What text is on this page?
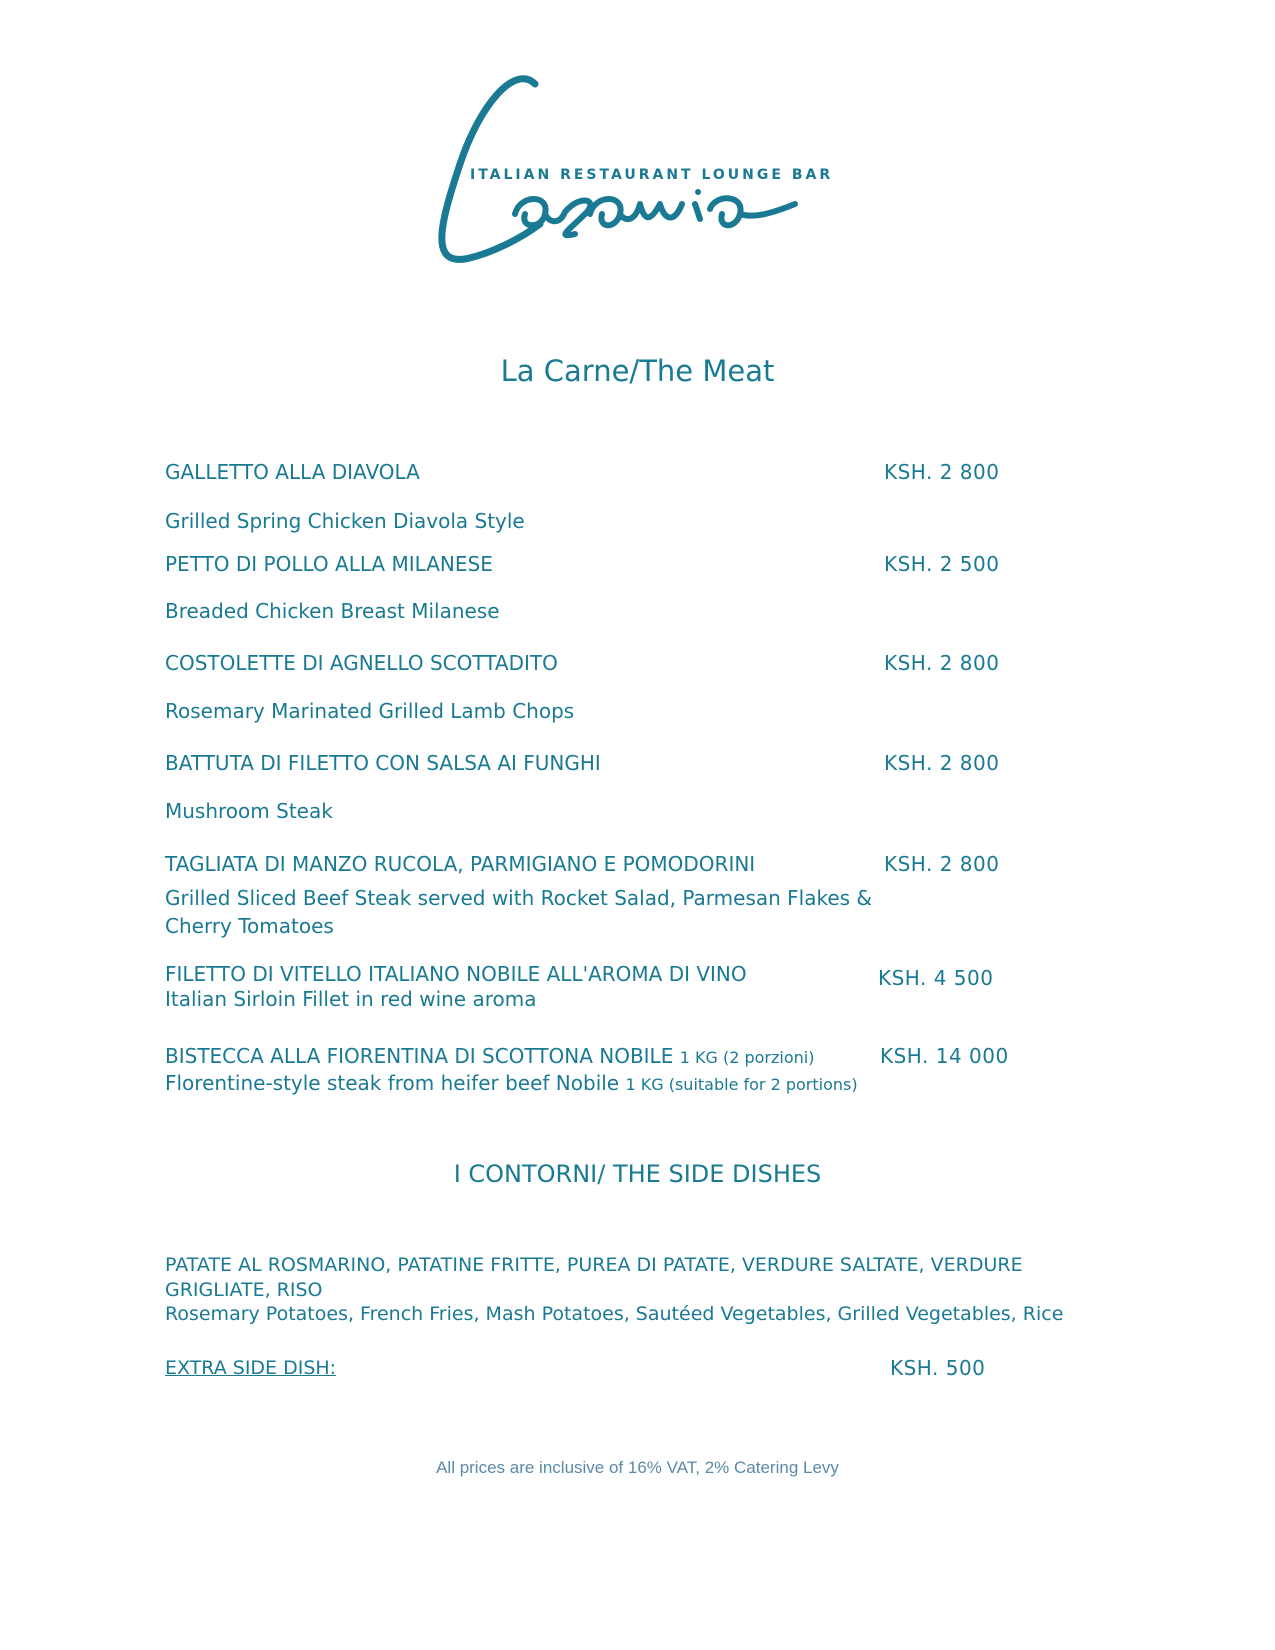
ITALIAN RESTAURANT LOUNGE BAR
La Carne/The Meat
GALLETTO ALLA DIAVOLA	KSH. 2 800
Grilled Spring Chicken Diavola Style
PETTO DI POLLO ALLA MILANESE	KSH. 2 500
Breaded Chicken Breast Milanese
COSTOLETTE DI AGNELLO SCOTTADITO	KSH. 2 800
Rosemary Marinated Grilled Lamb Chops
BATTUTA DI FILETTO CON SALSA AI FUNGHI	KSH. 2 800
Mushroom Steak
TAGLIATA DI MANZO RUCOLA, PARMIGIANO E POMODORINI	KSH. 2 800
Grilled Sliced Beef Steak served with Rocket Salad, Parmesan Flakes & Cherry Tomatoes
FILETTO DI VITELLO ITALIANO NOBILE ALL'AROMA DI VINO	KSH. 4 500
Italian Sirloin Fillet in red wine aroma
BISTECCA ALLA FIORENTINA DI SCOTTONA NOBILE 1 KG (2 porzioni)	KSH. 14 000
Florentine-style steak from heifer beef Nobile 1 KG (suitable for 2 portions)
I CONTORNI/ THE SIDE DISHES
PATATE AL ROSMARINO, PATATINE FRITTE, PUREA DI PATATE, VERDURE SALTATE, VERDURE GRIGLIATE, RISO
Rosemary Potatoes, French Fries, Mash Potatoes, Sautéed Vegetables, Grilled Vegetables, Rice
EXTRA SIDE DISH:	KSH. 500
All prices are inclusive of 16% VAT, 2% Catering Levy
